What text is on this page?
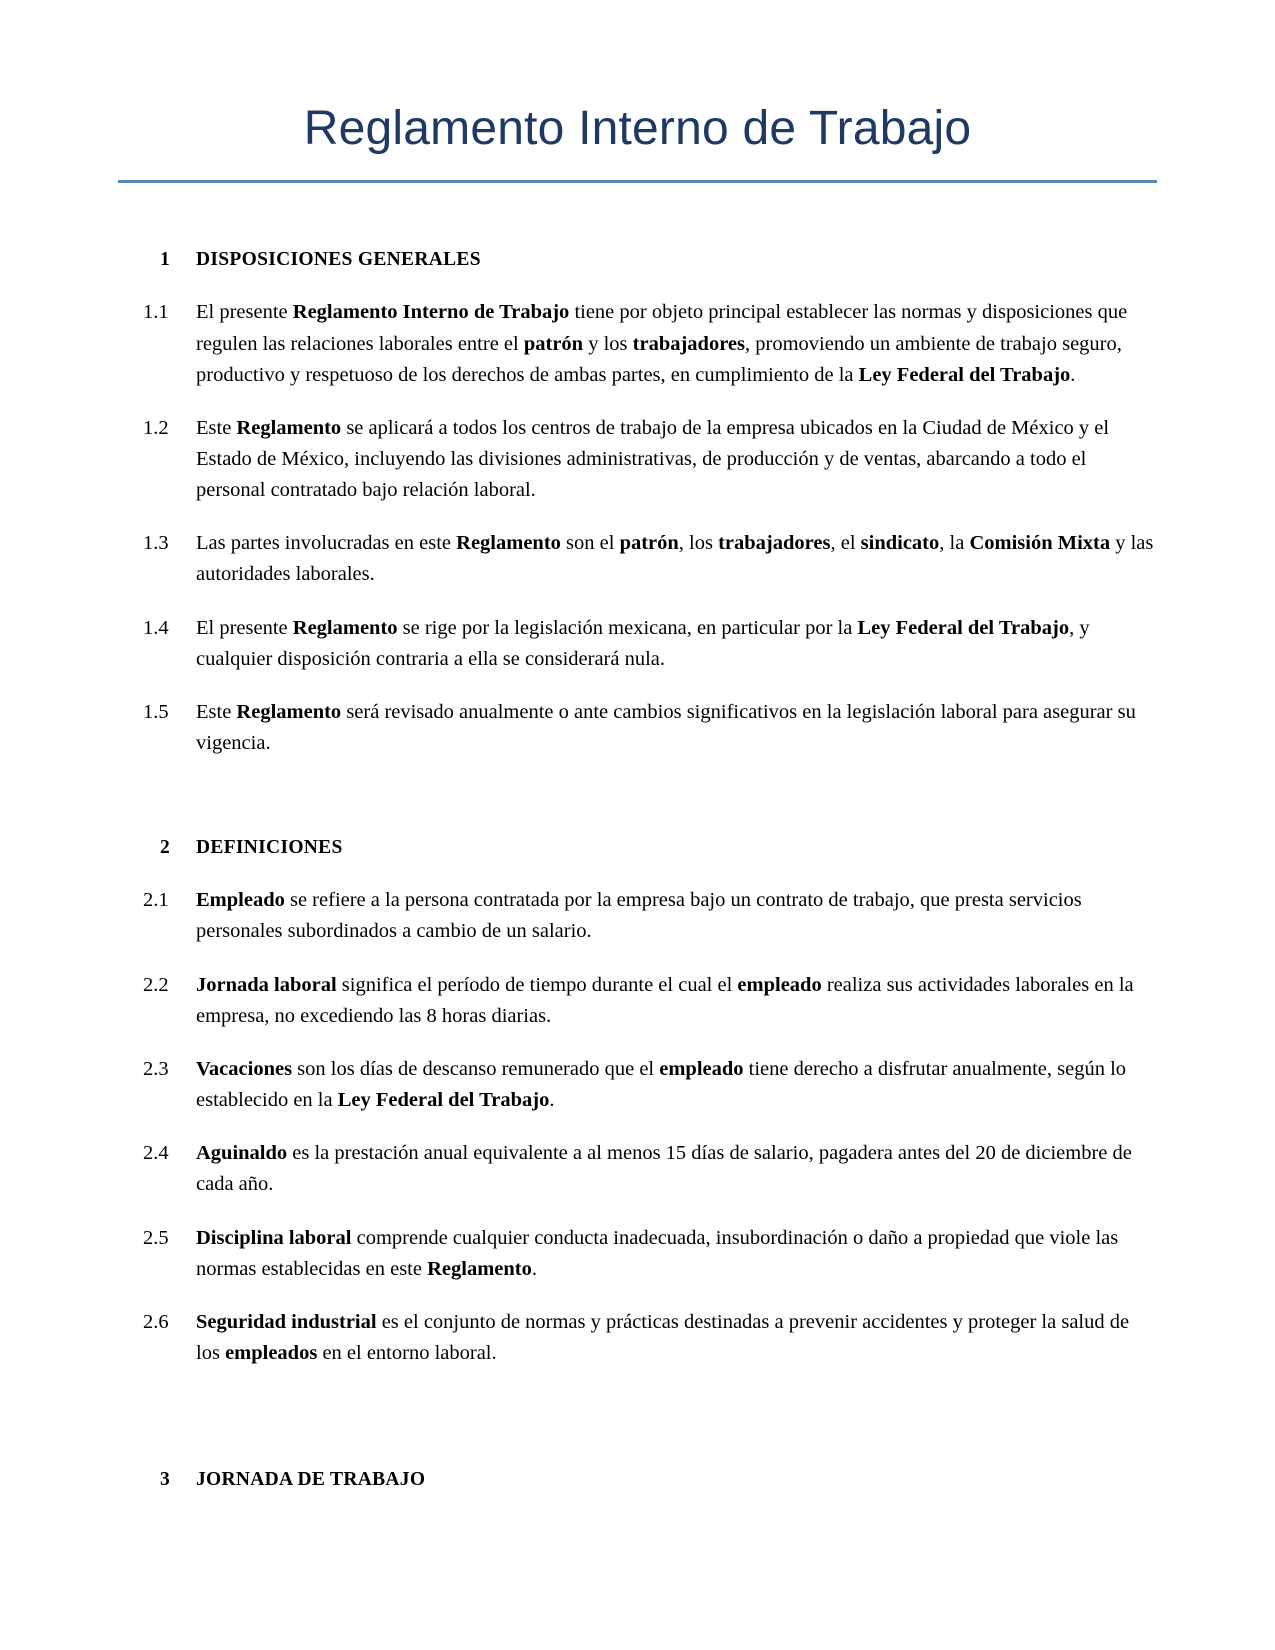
Reglamento Interno de Trabajo
1	DISPOSICIONES GENERALES
1.1	El presente Reglamento Interno de Trabajo tiene por objeto principal establecer las normas y disposiciones que regulen las relaciones laborales entre el patrón y los trabajadores, promoviendo un ambiente de trabajo seguro, productivo y respetuoso de los derechos de ambas partes, en cumplimiento de la Ley Federal del Trabajo.
1.2	Este Reglamento se aplicará a todos los centros de trabajo de la empresa ubicados en la Ciudad de México y el Estado de México, incluyendo las divisiones administrativas, de producción y de ventas, abarcando a todo el personal contratado bajo relación laboral.
1.3	Las partes involucradas en este Reglamento son el patrón, los trabajadores, el sindicato, la Comisión Mixta y las autoridades laborales.
1.4	El presente Reglamento se rige por la legislación mexicana, en particular por la Ley Federal del Trabajo, y cualquier disposición contraria a ella se considerará nula.
1.5	Este Reglamento será revisado anualmente o ante cambios significativos en la legislación laboral para asegurar su vigencia.
2	DEFINICIONES
2.1	Empleado se refiere a la persona contratada por la empresa bajo un contrato de trabajo, que presta servicios personales subordinados a cambio de un salario.
2.2	Jornada laboral significa el período de tiempo durante el cual el empleado realiza sus actividades laborales en la empresa, no excediendo las 8 horas diarias.
2.3	Vacaciones son los días de descanso remunerado que el empleado tiene derecho a disfrutar anualmente, según lo establecido en la Ley Federal del Trabajo.
2.4	Aguinaldo es la prestación anual equivalente a al menos 15 días de salario, pagadera antes del 20 de diciembre de cada año.
2.5	Disciplina laboral comprende cualquier conducta inadecuada, insubordinación o daño a propiedad que viole las normas establecidas en este Reglamento.
2.6	Seguridad industrial es el conjunto de normas y prácticas destinadas a prevenir accidentes y proteger la salud de los empleados en el entorno laboral.
3	JORNADA DE TRABAJO
